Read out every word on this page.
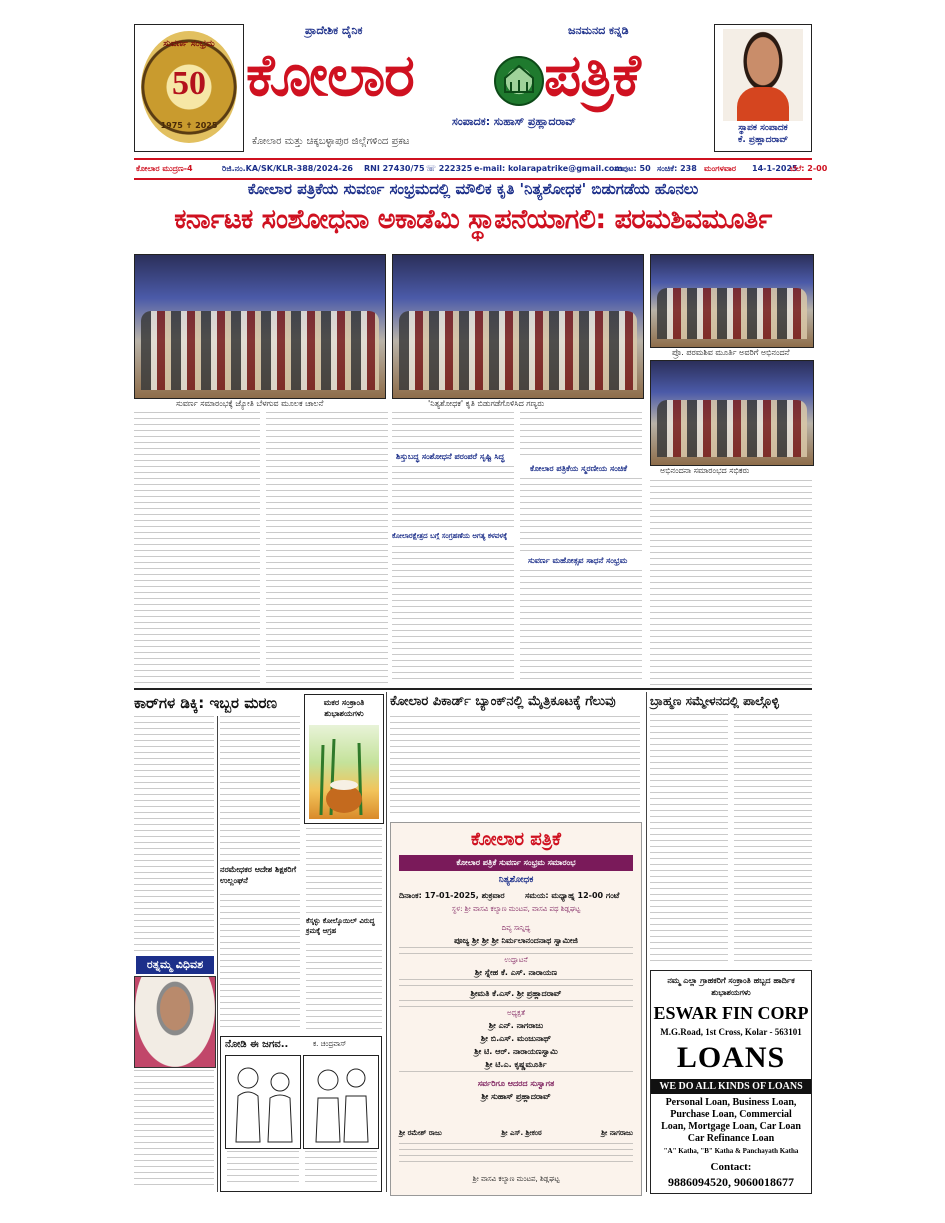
ಸುವರ್ಣ ಸಂಭ್ರಮ
50
1975 ✝ 2025
ಪ್ರಾದೇಶಿಕ ದೈನಿಕ	ಜನಮನದ ಕನ್ನಡಿ
ಕೋಲಾರ ಪತ್ರಿಕೆ
ಸಂಪಾದಕ: ಸುಹಾಸ್ ಪ್ರಹ್ಲಾದರಾವ್
ಕೋಲಾರ ಮತ್ತು ಚಿಕ್ಕಬಳ್ಳಾಪುರ ಜಿಲ್ಲೆಗಳಿಂದ ಪ್ರಕಟ
ಸ್ಥಾಪಕ ಸಂಪಾದಕ
ಕೆ. ಪ್ರಹ್ಲಾದರಾವ್
ಕೋಲಾರ ಮುದ್ರಣ-4	ರಿಜಿ.ನಂ.KA/SK/KLR-388/2024-26 RNI 27430/75 ☏ 222325 e-mail: kolarapatrike@gmail.com
ಸಂಪುಟ: 50 ಸಂಚಿಕೆ: 238 ಮಂಗಳವಾರ 14-1-2025
ಬೆಲೆ: 2-00
ಕೋಲಾರ ಪತ್ರಿಕೆಯ ಸುವರ್ಣ ಸಂಭ್ರಮದಲ್ಲಿ ಮೌಲಿಕ ಕೃತಿ 'ನಿತ್ಯಶೋಧಕ' ಬಿಡುಗಡೆಯ ಹೊನಲು
ಕರ್ನಾಟಕ ಸಂಶೋಧನಾ ಅಕಾಡೆಮಿ ಸ್ಥಾಪನೆಯಾಗಲಿ: ಪರಮಶಿವಮೂರ್ತಿ
ಸುವರ್ಣ ಸಮಾರಂಭಕ್ಕೆ ಜ್ಯೋತಿ ಬೆಳಗುವ ಮೂಲಕ ಚಾಲನೆ	'ನಿತ್ಯಶೋಧಕ' ಕೃತಿ ಬಿಡುಗಡೆಗೊಳಿಸಿದ ಗಣ್ಯರು
ಪ್ರೊ. ಪರಮಶಿವ ಮೂರ್ತಿ ಅವರಿಗೆ ಅಭಿನಂದನೆ
ಅಭಿನಂದನಾ ಸಮಾರಂಭದ ಸಭಿಕರು
ಶಿಸ್ತುಬದ್ಧ ಸಂಶೋಧನೆ ಪರಂಪರೆ ಸೃಷ್ಟಿ ಸಿದ್ಧ
ಕೋಲಾರಕ್ಷೇತ್ರದ ಬಗ್ಗೆ ಸಂಗ್ರಹಣೆಯ ಅಗತ್ಯ ಕಳವಳಕ್ಕೆ
ಕೋಲಾರ ಪತ್ರಿಕೆಯ ಸ್ಮರಣೀಯ ಸಂಚಿಕೆ
ಸುವರ್ಣ ಮಹೋತ್ಸವ ಸಾಧನೆ ಸಂಭ್ರಮ
ಕಾರ್‌ಗಳ ಡಿಕ್ಕಿ: ಇಬ್ಬರ ಮರಣ
ನರಮೇಧಕರ ಆದೇಶ ಶಿಕ್ಷಕರಿಗೆ ಉಲ್ಲಂಘನೆ
ರತ್ನಮ್ಮ ವಿಧಿವಶ
ಮಕರ ಸಂಕ್ರಾಂತಿ ಶುಭಾಶಯಗಳು
ಕೆಸ್ಕಳ್ಳು ಕೋಲ್ಕೊಯಿಲ್ ವಿರುದ್ಧ ಕ್ರಮಕ್ಕೆ ಆಗ್ರಹ
ನೋಡಿ ಈ ಜಗವ..	ಕ. ಚಂದ್ರವಾಸ್
ಕೋಲಾರ ಪಿಕಾರ್ಡ್ ಬ್ಯಾಂಕ್‌ನಲ್ಲಿ ಮೈತ್ರಿಕೂಟಕ್ಕೆ ಗೆಲುವು
ಕೋಲಾರ ಪತ್ರಿಕೆ
ಕೋಲಾರ ಪತ್ರಿಕೆ ಸುವರ್ಣ ಸಂಭ್ರಮ ಸಮಾರಂಭ
ನಿತ್ಯಶೋಧಕ
ದಿನಾಂಕ: 17-01-2025, ಶುಕ್ರವಾರ	ಸಮಯ: ಮಧ್ಯಾಹ್ನ 12-00 ಗಂಟೆ
ಸ್ಥಳ: ಶ್ರೀ ವಾಸವಿ ಕಲ್ಯಾಣ ಮಂಟಪ, ವಾಸವಿ ಪಥ ಶಿಡ್ಲಘಟ್ಟ
ದಿವ್ಯ ಸಾನ್ನಿಧ್ಯ
ಪೂಜ್ಯ ಶ್ರೀ ಶ್ರೀ ಶ್ರೀ ನಿರ್ಮಲಾನಂದನಾಥ ಸ್ವಾಮೀಜಿ
ಉದ್ಘಾಟನೆ
ಶ್ರೀ ಸ್ನೇಹ ಕೆ. ಎಸ್. ನಾರಾಯಣ
ಶ್ರೀಮತಿ ಕೆ.ಎಸ್. ಶ್ರೀ ಪ್ರಹ್ಲಾದರಾವ್
ಅಧ್ಯಕ್ಷತೆ
ಶ್ರೀ ಎನ್. ನಾಗರಾಜು
ಶ್ರೀ ಬಿ.ಎಸ್. ಮಂಜುನಾಥ್
ಶ್ರೀ ಟಿ. ಆರ್. ನಾರಾಯಣಸ್ವಾಮಿ
ಶ್ರೀ ಟಿ.ಎ. ಕೃಷ್ಣಮೂರ್ತಿ
ಸರ್ವರಿಗೂ ಆದರದ ಸುಸ್ವಾಗತ
ಶ್ರೀ ಸುಹಾಸ್ ಪ್ರಹ್ಲಾದರಾವ್
ಶ್ರೀ ರಮೇಶ್ ರಾಜು	ಶ್ರೀ ಎಸ್. ಶ್ರೀಕಂಠ	ಶ್ರೀ ನಾಗರಾಜು
ಶ್ರೀ ವಾಸವಿ ಕಲ್ಯಾಣ ಮಂಟಪ, ಶಿಡ್ಲಘಟ್ಟ
ಬ್ರಾಹ್ಮಣ ಸಮ್ಮೇಳನದಲ್ಲಿ ಪಾಲ್ಗೊಳ್ಳಿ
ನಮ್ಮ ಎಲ್ಲಾ ಗ್ರಾಹಕರಿಗೆ ಸಂಕ್ರಾಂತಿ ಹಬ್ಬದ ಹಾರ್ದಿಕ ಶುಭಾಶಯಗಳು
ESWAR FIN CORP
M.G.Road, 1st Cross, Kolar - 563101
LOANS
WE DO ALL KINDS OF LOANS
Personal Loan, Business Loan,
Purchase Loan, Commercial
Loan, Mortgage Loan, Car Loan
Car Refinance Loan
"A" Katha, "B" Katha & Panchayath Katha
Contact:
9886094520, 9060018677
